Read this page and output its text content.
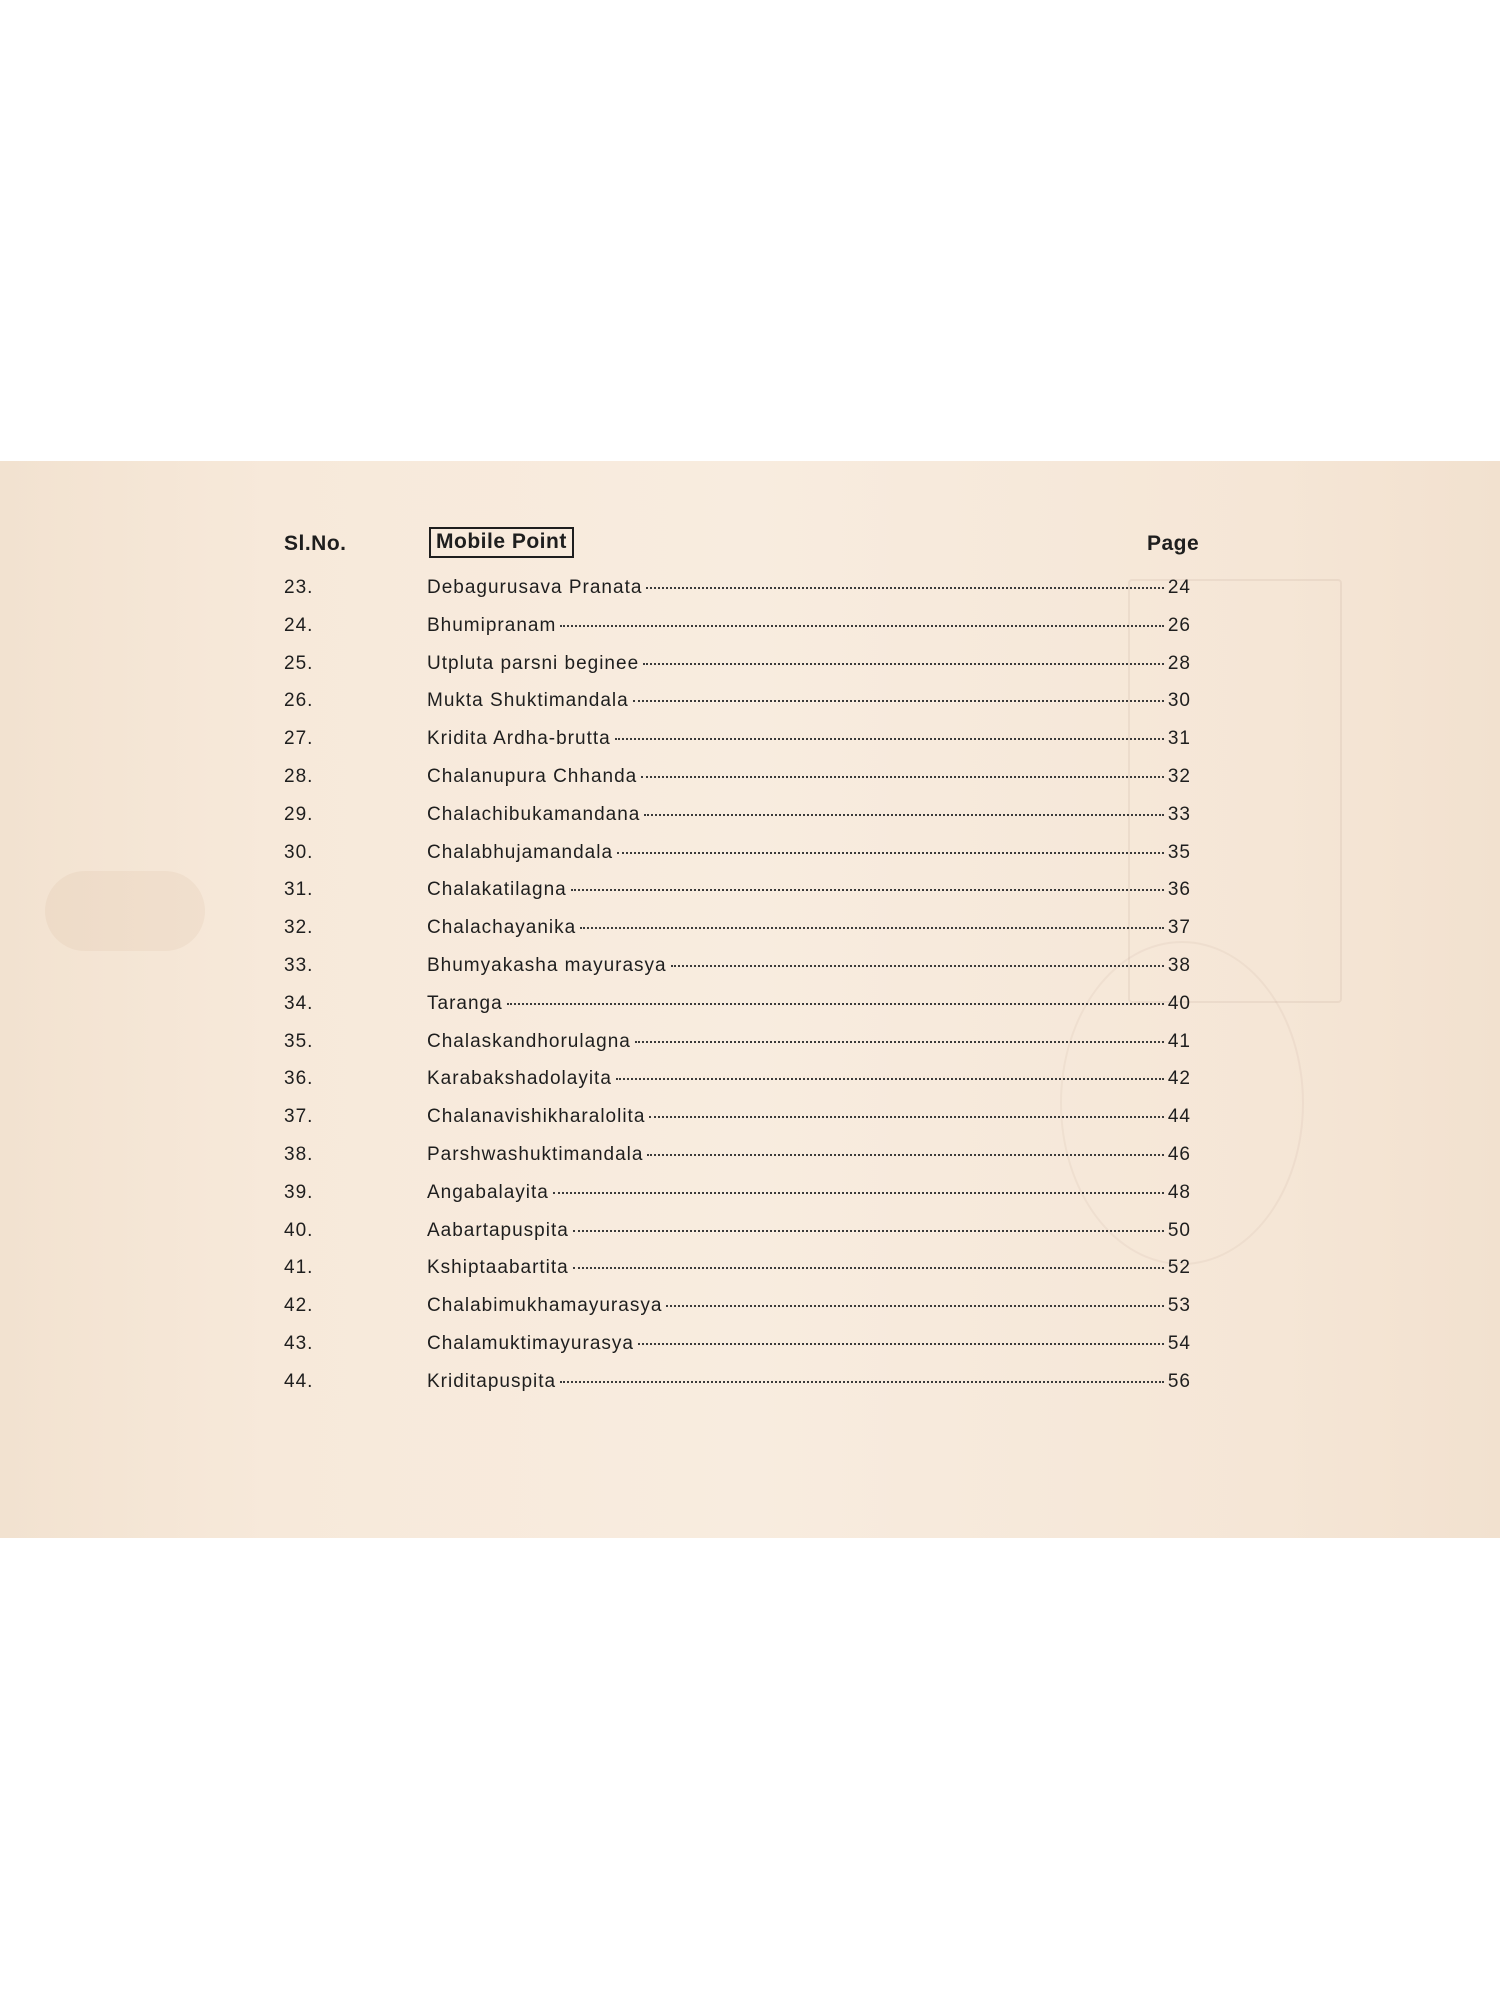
Sl.No.	Mobile Point	Page
23.	Debagurusava Pranata	24
24.	Bhumipranam	26
25.	Utpluta parsni beginee	28
26.	Mukta Shuktimandala	30
27.	Kridita Ardha-brutta	31
28.	Chalanupura Chhanda	32
29.	Chalachibukamandana	33
30.	Chalabhujamandala	35
31.	Chalakatilagna	36
32.	Chalachayanika	37
33.	Bhumyakasha mayurasya	38
34.	Taranga	40
35.	Chalaskandhorulagna	41
36.	Karabakshadolayita	42
37.	Chalanavishikharalolita	44
38.	Parshwashuktimandala	46
39.	Angabalayita	48
40.	Aabartapuspita	50
41.	Kshiptaabartita	52
42.	Chalabimukhamayurasya	53
43.	Chalamuktimayurasya	54
44.	Kriditapuspita	56
